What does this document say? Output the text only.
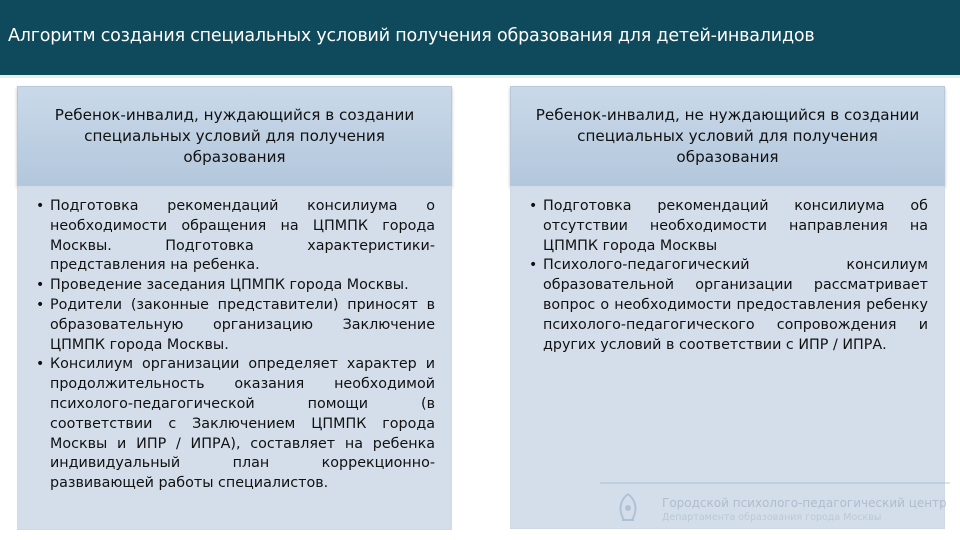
Алгоритм создания специальных условий получения образования для детей-инвалидов
Ребенок-инвалид, нуждающийся в создании специальных условий для получения образования
• Подготовка рекомендаций консилиума о необходимости обращения на ЦПМПК города Москвы. Подготовка характеристики-представления на ребенка.
• Проведение заседания ЦПМПК города Москвы.
• Родители (законные представители) приносят в образовательную организацию Заключение ЦПМПК города Москвы.
• Консилиум организации определяет характер и продолжительность оказания необходимой психолого-педагогической помощи (в соответствии с Заключением ЦПМПК города Москвы и ИПР / ИПРА), составляет на ребенка индивидуальный план коррекционно-развивающей работы специалистов.
Ребенок-инвалид, не нуждающийся в создании специальных условий для получения образования
• Подготовка рекомендаций консилиума об отсутствии необходимости направления на ЦПМПК города Москвы
• Психолого-педагогический консилиум образовательной организации рассматривает вопрос о необходимости предоставления ребенку психолого-педагогического сопровождения и других условий в соответствии с ИПР / ИПРА.
Городской психолого-педагогический центр
Департамента образования города Москвы
